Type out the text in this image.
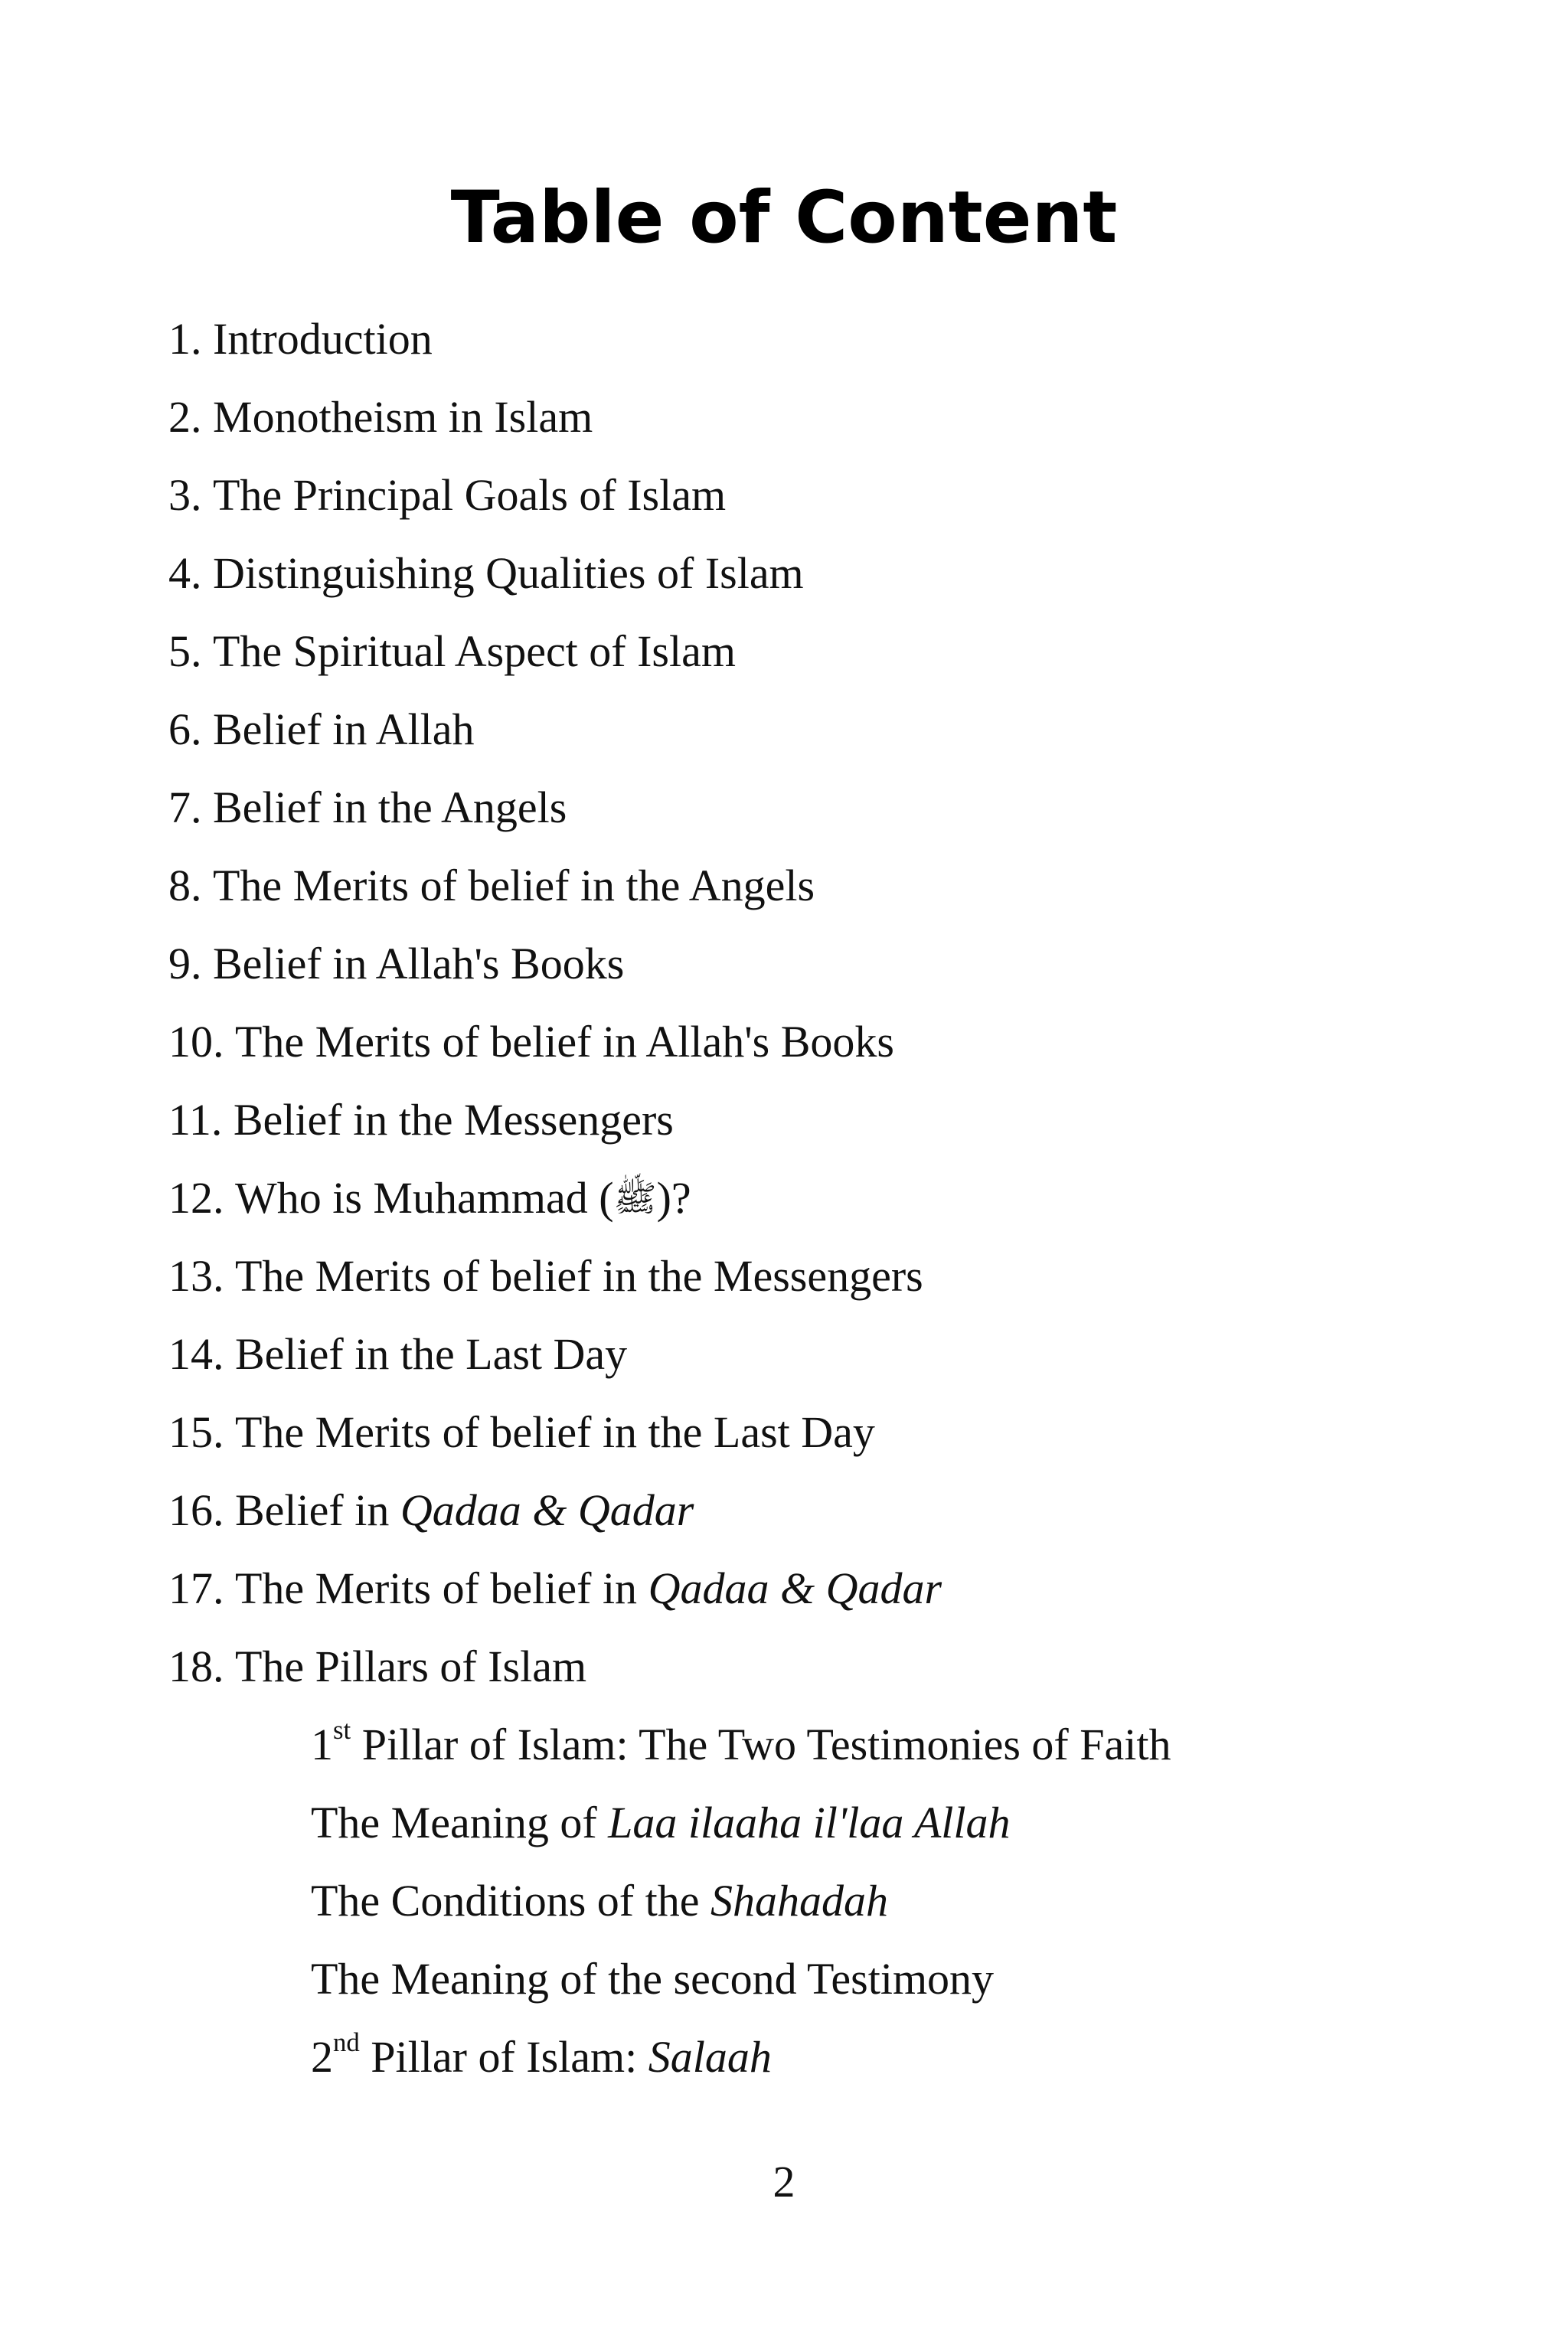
Table of Content
1. Introduction
2. Monotheism in Islam
3. The Principal Goals of Islam
4. Distinguishing Qualities of Islam
5. The Spiritual Aspect of Islam
6. Belief in Allah
7. Belief in the Angels
8. The Merits of belief in the Angels
9. Belief in Allah's Books
10. The Merits of belief in Allah's Books
11. Belief in the Messengers
12. Who is Muhammad (ﷺ)?
13. The Merits of belief in the Messengers
14. Belief in the Last Day
15. The Merits of belief in the Last Day
16. Belief in Qadaa & Qadar
17. The Merits of belief in Qadaa & Qadar
18. The Pillars of Islam
1st Pillar of Islam: The Two Testimonies of Faith
The Meaning of Laa ilaaha il'laa Allah
The Conditions of the Shahadah
The Meaning of the second Testimony
2nd Pillar of Islam: Salaah
2
